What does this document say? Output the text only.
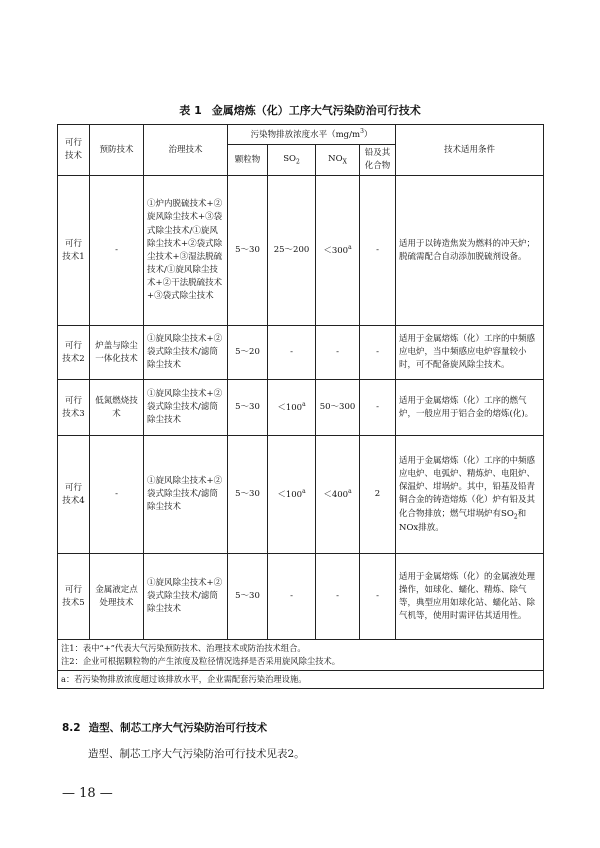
表 1 金属熔炼（化）工序大气污染防治可行技术
可行技术	预防技术	治理技术	污染物排放浓度水平$(mg/m^3)$				技术适用条件
			颗粒物	$SO_2$	$NO_X$	铅及其化合物	
可行技术1	-	①炉内脱硫技术+②旋风除尘技术+③袋式除尘技术/①旋风除尘技术+②袋式除尘技术+③湿法脱硫技术/①旋风除尘技术+②干法脱硫技术+③袋式除尘技术	5～30	25～200	$<300^a$	-	适用于以铸造焦炭为燃料的冲天炉；脱硫需配合自动添加脱硫剂设备。
可行技术2	炉盖与除尘一体化技术	①旋风除尘技术+②袋式除尘技术/滤筒除尘技术	5～20	-	-	-	适用于金属熔炼（化）工序的中频感应电炉，当中频感应电炉容量较小时，可不配备旋风除尘技术。
可行技术3	低氮燃烧技术	①旋风除尘技术+②袋式除尘技术/滤筒除尘技术	5～30	$<100^a$	50～300	-	适用于金属熔炼（化）工序的燃气炉，一般应用于铝合金的熔炼(化)。
可行技术4	-	①旋风除尘技术+②袋式除尘技术/滤筒除尘技术	5～30	$<100^a$	$<400^a$	2	适用于金属熔炼（化）工序的中频感应电炉、电弧炉、精炼炉、电阻炉、保温炉、坩埚炉。其中，铅基及铅青铜合金的铸造熔炼（化）炉有铅及其化合物排放；燃气坩埚炉有$SO_2$和NOx排放。
可行技术5	金属液定点处理技术	①旋风除尘技术+②袋式除尘技术/滤筒除尘技术	5～30	-	-	-	适用于金属熔炼（化）的金属液处理操作，如球化、蠕化、精炼、除气等，典型应用如球化站、蠕化站、除气机等，使用时需评估其适用性。

注1：表中“+”代表大气污染预防技术、治理技术或防治技术组合。
注2：企业可根据颗粒物的产生浓度及粒径情况选择是否采用旋风除尘技术。							

a：若污染物排放浓度超过该排放水平，企业需配套污染治理设施。							
8.2 造型、制芯工序大气污染防治可行技术
造型、制芯工序大气污染防治可行技术见表2。
— 18 —
